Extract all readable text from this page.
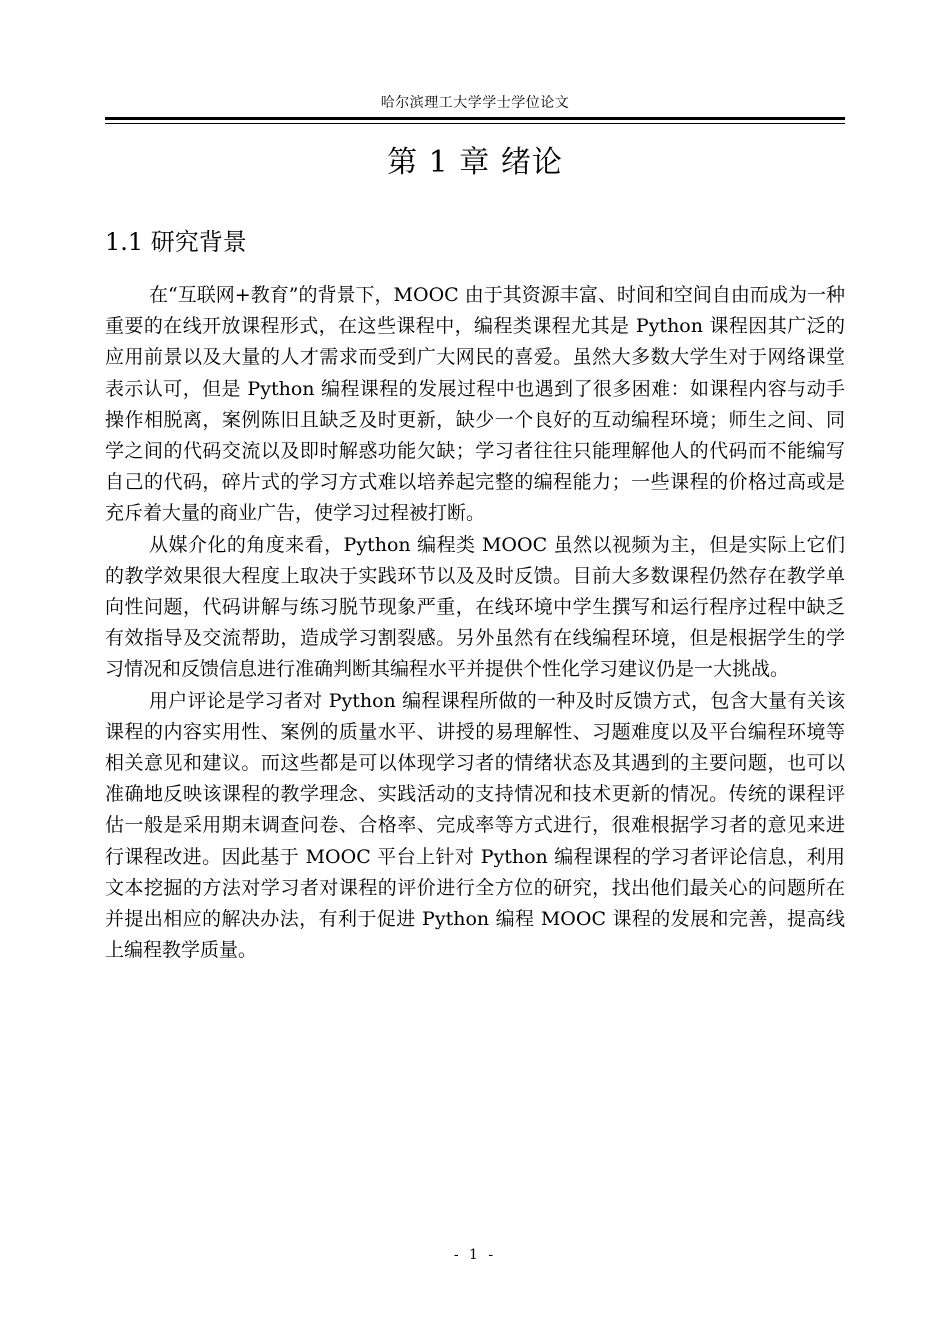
哈尔滨理工大学学士学位论文
第 1 章 绪论
1.1 研究背景

在“互联网+教育”的背景下，MOOC 由于其资源丰富、时间和空间自由而成为一种重要的在线开放课程形式，在这些课程中，编程类课程尤其是 Python 课程因其广泛的应用前景以及大量的人才需求而受到广大网民的喜爱。虽然大多数大学生对于网络课堂表示认可，但是 Python 编程课程的发展过程中也遇到了很多困难：如课程内容与动手操作相脱离，案例陈旧且缺乏及时更新，缺少一个良好的互动编程环境；师生之间、同学之间的代码交流以及即时解惑功能欠缺；学习者往往只能理解他人的代码而不能编写自己的代码，碎片式的学习方式难以培养起完整的编程能力；一些课程的价格过高或是充斥着大量的商业广告，使学习过程被打断。

从媒介化的角度来看，Python 编程类 MOOC 虽然以视频为主，但是实际上它们的教学效果很大程度上取决于实践环节以及及时反馈。目前大多数课程仍然存在教学单向性问题，代码讲解与练习脱节现象严重，在线环境中学生撰写和运行程序过程中缺乏有效指导及交流帮助，造成学习割裂感。另外虽然有在线编程环境，但是根据学生的学习情况和反馈信息进行准确判断其编程水平并提供个性化学习建议仍是一大挑战。

用户评论是学习者对 Python 编程课程所做的一种及时反馈方式，包含大量有关该课程的内容实用性、案例的质量水平、讲授的易理解性、习题难度以及平台编程环境等相关意见和建议。而这些都是可以体现学习者的情绪状态及其遇到的主要问题，也可以准确地反映该课程的教学理念、实践活动的支持情况和技术更新的情况。传统的课程评估一般是采用期末调查问卷、合格率、完成率等方式进行，很难根据学习者的意见来进行课程改进。因此基于 MOOC 平台上针对 Python 编程课程的学习者评论信息，利用文本挖掘的方法对学习者对课程的评价进行全方位的研究，找出他们最关心的问题所在并提出相应的解决办法，有利于促进 Python 编程 MOOC 课程的发展和完善，提高线上编程教学质量。

- 1 -
